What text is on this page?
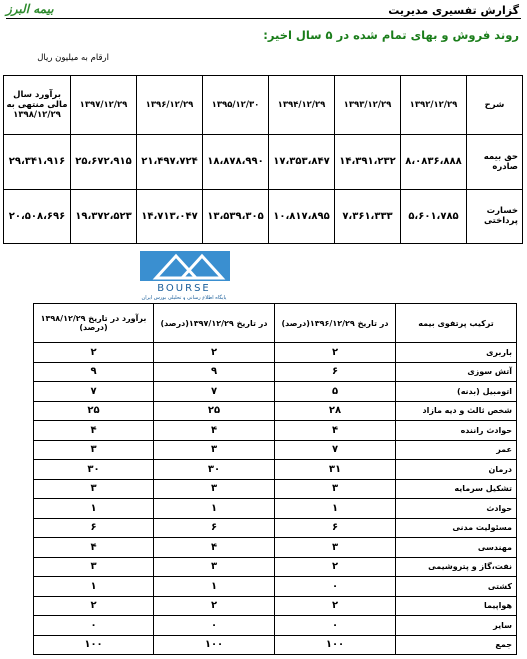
بیمه البرز	گزارش تفسیری مدیریت
روند فروش و بهای تمام شده در ۵ سال اخیر:
ارقام به میلیون ریال
شرح	۱۳۹۲/۱۲/۲۹	۱۳۹۳/۱۲/۲۹	۱۳۹۴/۱۲/۲۹	۱۳۹۵/۱۲/۳۰	۱۳۹۶/۱۲/۲۹	۱۳۹۷/۱۲/۲۹	برآورد سال مالی منتهی به ۱۳۹۸/۱۲/۲۹
حق بیمه صادره	۸،۰۸۳۶،۸۸۸	۱۴،۳۹۱،۲۳۲	۱۷،۳۵۳،۸۴۷	۱۸،۸۷۸،۹۹۰	۲۱،۴۹۷،۷۲۴	۲۵،۶۷۲،۹۱۵	۲۹،۳۴۱،۹۱۶
خسارت پرداختی	۵،۶۰۱،۷۸۵	۷،۳۶۱،۳۳۳	۱۰،۸۱۷،۸۹۵	۱۳،۵۳۹،۳۰۵	۱۴،۷۱۳،۰۴۷	۱۹،۳۷۲،۵۲۳	۲۰،۵۰۸،۶۹۶
BOURSE
پایگاه اطلاع رسانی و تحلیلی بورس ایران
ترکیب پرتفوی بیمه	در تاریخ ۱۳۹۶/۱۲/۲۹(درصد)	در تاریخ ۱۳۹۷/۱۲/۲۹(درصد)	برآورد در تاریخ ۱۳۹۸/۱۲/۲۹ (درصد)
باربری	۲	۲	۲
آتش سوزی	۶	۹	۹
اتومبیل (بدنه)	۵	۷	۷
شخص ثالث و دیه مازاد	۲۸	۲۵	۲۵
حوادث راننده	۴	۴	۴
عمر	۷	۳	۳
درمان	۳۱	۳۰	۳۰
تشکیل سرمایه	۳	۳	۳
حوادث	۱	۱	۱
مسئولیت مدنی	۶	۶	۶
مهندسی	۳	۴	۴
نفت،گاز و پتروشیمی	۲	۳	۳
کشتی	۰	۱	۱
هواپیما	۲	۲	۲
سایر	۰	۰	۰
جمع	۱۰۰	۱۰۰	۱۰۰
